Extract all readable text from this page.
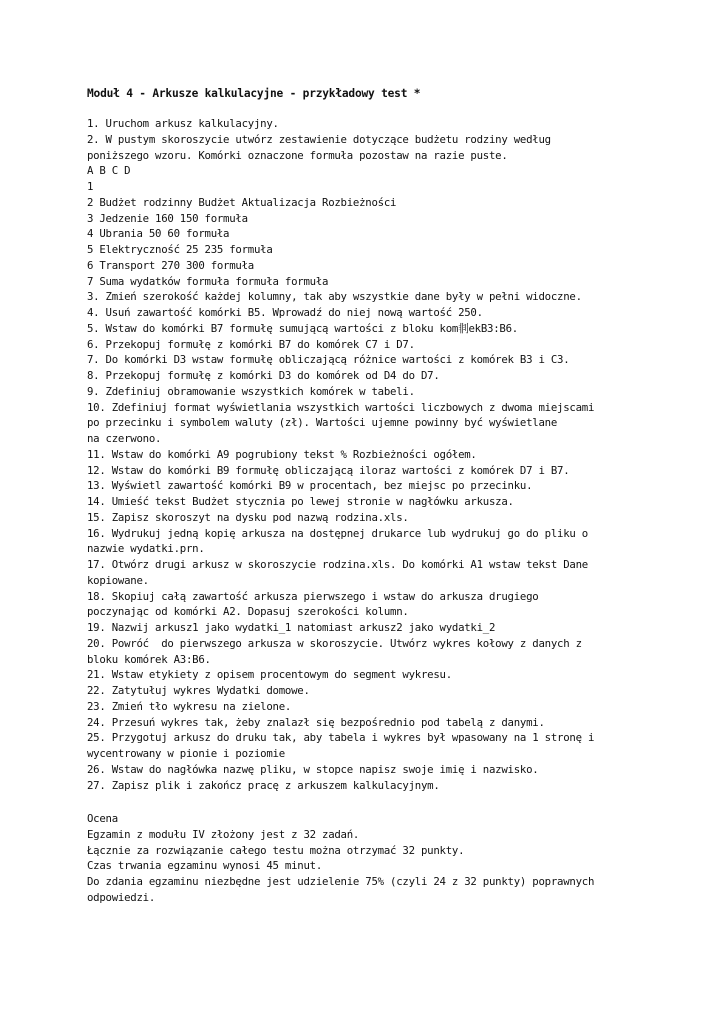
Moduł 4 - Arkusze kalkulacyjne - przykładowy test *
1. Uruchom arkusz kalkulacyjny.
2. W pustym skoroszycie utwórz zestawienie dotyczące budżetu rodziny według
poniższego wzoru. Komórki oznaczone formuła pozostaw na razie puste.
A B C D
1
2 Budżet rodzinny Budżet Aktualizacja Rozbieżności
3 Jedzenie 160 150 formuła
4 Ubrania 50 60 formuła
5 Elektryczność 25 235 formuła
6 Transport 270 300 formuła
7 Suma wydatków formuła formuła formuła
3. Zmień szerokość każdej kolumny, tak aby wszystkie dane były w pełni widoczne.
4. Usuń zawartość komórki B5. Wprowadź do niej nową wartość 250.
5. Wstaw do komórki B7 formułę sumującą wartości z bloku kom剕ekB3:B6.
6. Przekopuj formułę z komórki B7 do komórek C7 i D7.
7. Do komórki D3 wstaw formułę obliczającą różnice wartości z komórek B3 i C3.
8. Przekopuj formułę z komórki D3 do komórek od D4 do D7.
9. Zdefiniuj obramowanie wszystkich komórek w tabeli.
10. Zdefiniuj format wyświetlania wszystkich wartości liczbowych z dwoma miejscami
po przecinku i symbolem waluty (zł). Wartości ujemne powinny być wyświetlane
na czerwono.
11. Wstaw do komórki A9 pogrubiony tekst % Rozbieżności ogółem.
12. Wstaw do komórki B9 formułę obliczającą iloraz wartości z komórek D7 i B7.
13. Wyświetl zawartość komórki B9 w procentach, bez miejsc po przecinku.
14. Umieść tekst Budżet stycznia po lewej stronie w nagłówku arkusza.
15. Zapisz skoroszyt na dysku pod nazwą rodzina.xls.
16. Wydrukuj jedną kopię arkusza na dostępnej drukarce lub wydrukuj go do pliku o
nazwie wydatki.prn.
17. Otwórz drugi arkusz w skoroszycie rodzina.xls. Do komórki A1 wstaw tekst Dane
kopiowane.
18. Skopiuj całą zawartość arkusza pierwszego i wstaw do arkusza drugiego
poczynając od komórki A2. Dopasuj szerokości kolumn.
19. Nazwij arkusz1 jako wydatki_1 natomiast arkusz2 jako wydatki_2
20. Powróć  do pierwszego arkusza w skoroszycie. Utwórz wykres kołowy z danych z
bloku komórek A3:B6.
21. Wstaw etykiety z opisem procentowym do segment wykresu.
22. Zatytułuj wykres Wydatki domowe.
23. Zmień tło wykresu na zielone.
24. Przesuń wykres tak, żeby znalazł się bezpośrednio pod tabelą z danymi.
25. Przygotuj arkusz do druku tak, aby tabela i wykres był wpasowany na 1 stronę i
wycentrowany w pionie i poziomie
26. Wstaw do nagłówka nazwę pliku, w stopce napisz swoje imię i nazwisko.
27. Zapisz plik i zakończ pracę z arkuszem kalkulacyjnym.
Ocena
Egzamin z modułu IV złożony jest z 32 zadań.
Łącznie za rozwiązanie całego testu można otrzymać 32 punkty.
Czas trwania egzaminu wynosi 45 minut.
Do zdania egzaminu niezbędne jest udzielenie 75% (czyli 24 z 32 punkty) poprawnych
odpowiedzi.
